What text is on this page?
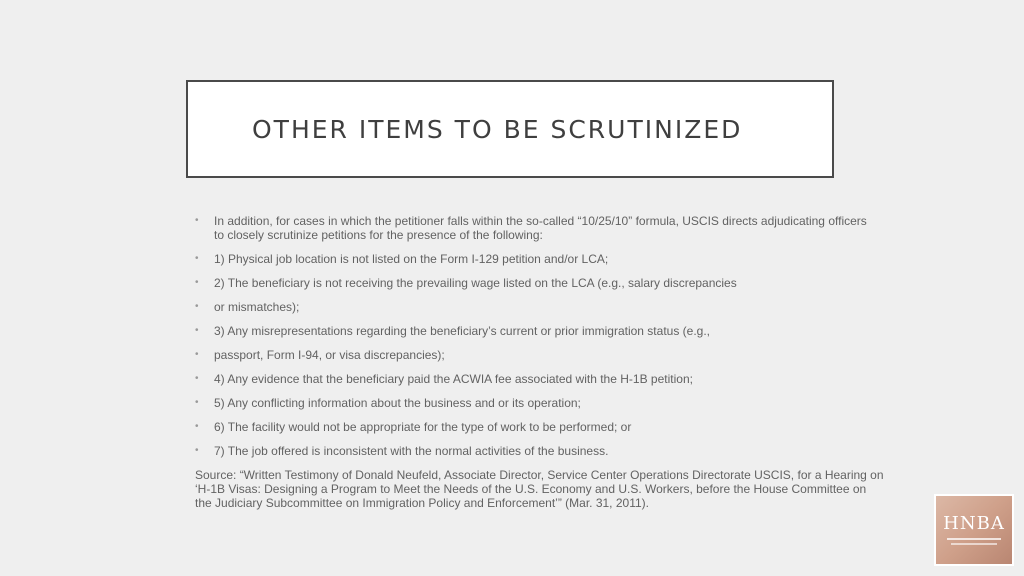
OTHER ITEMS TO BE SCRUTINIZED
• In addition, for cases in which the petitioner falls within the so-called “10/25/10” formula, USCIS directs adjudicating officers to closely scrutinize petitions for the presence of the following:
• 1) Physical job location is not listed on the Form I-129 petition and/or LCA;
• 2) The beneficiary is not receiving the prevailing wage listed on the LCA (e.g., salary discrepancies
• or mismatches);
• 3) Any misrepresentations regarding the beneficiary’s current or prior immigration status (e.g.,
• passport, Form I-94, or visa discrepancies);
• 4) Any evidence that the beneficiary paid the ACWIA fee associated with the H-1B petition;
• 5) Any conflicting information about the business and or its operation;
• 6) The facility would not be appropriate for the type of work to be performed; or
• 7) The job offered is inconsistent with the normal activities of the business.
Source: “Written Testimony of Donald Neufeld, Associate Director, Service Center Operations Directorate USCIS, for a Hearing on ‘H-1B Visas: Designing a Program to Meet the Needs of the U.S. Economy and U.S. Workers, before the House Committee on the Judiciary Subcommittee on Immigration Policy and Enforcement’” (Mar. 31, 2011).
HNBA
